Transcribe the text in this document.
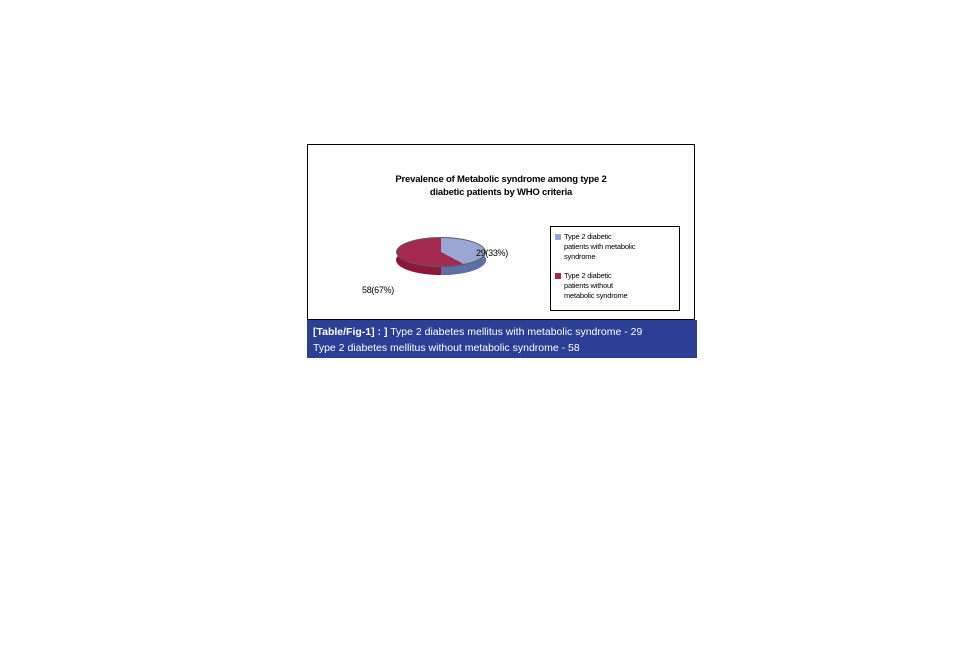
Prevalence of Metabolic syndrome among type 2
diabetic patients by WHO criteria
29(33%)
58(67%)
Type 2 diabetic
patients with metabolic
syndrome
Type 2 diabetic
patients without
metabolic syndrome
[Table/Fig-1] : ] Type 2 diabetes mellitus with metabolic syndrome - 29
Type 2 diabetes mellitus without metabolic syndrome - 58
